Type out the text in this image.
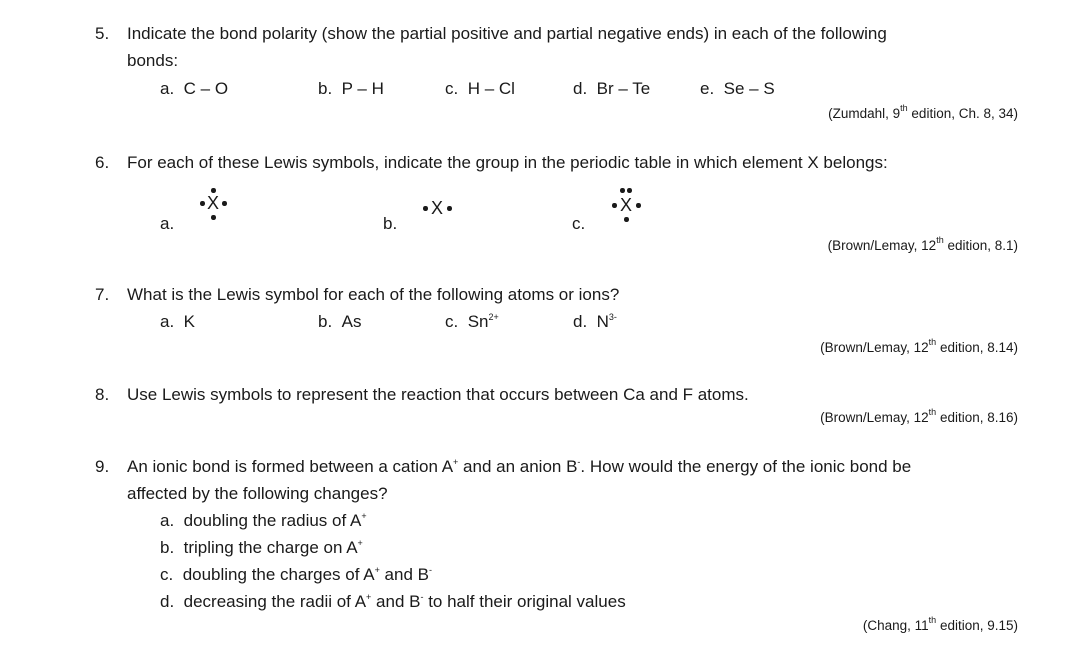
5. Indicate the bond polarity (show the partial positive and partial negative ends) in each of the following
bonds:
a. C – O	b. P – H	c. H – Cl	d. Br – Te	e. Se – S
(Zumdahl, 9th edition, Ch. 8, 34)
6. For each of these Lewis symbols, indicate the group in the periodic table in which element X belongs:
a.
X
b.
X
c.
X
(Brown/Lemay, 12th edition, 8.1)
7. What is the Lewis symbol for each of the following atoms or ions?
a. K	b. As	c. $Sn^{2+}$	d. $N^{3-}$
(Brown/Lemay, 12th edition, 8.14)
8. Use Lewis symbols to represent the reaction that occurs between Ca and F atoms.
(Brown/Lemay, 12th edition, 8.16)
9. An ionic bond is formed between a cation A+ and an anion B-. How would the energy of the ionic bond be
affected by the following changes?
a. doubling the radius of A+
b. tripling the charge on A+
c. doubling the charges of A+ and B-
d. decreasing the radii of A+ and B- to half their original values
(Chang, 11th edition, 9.15)
